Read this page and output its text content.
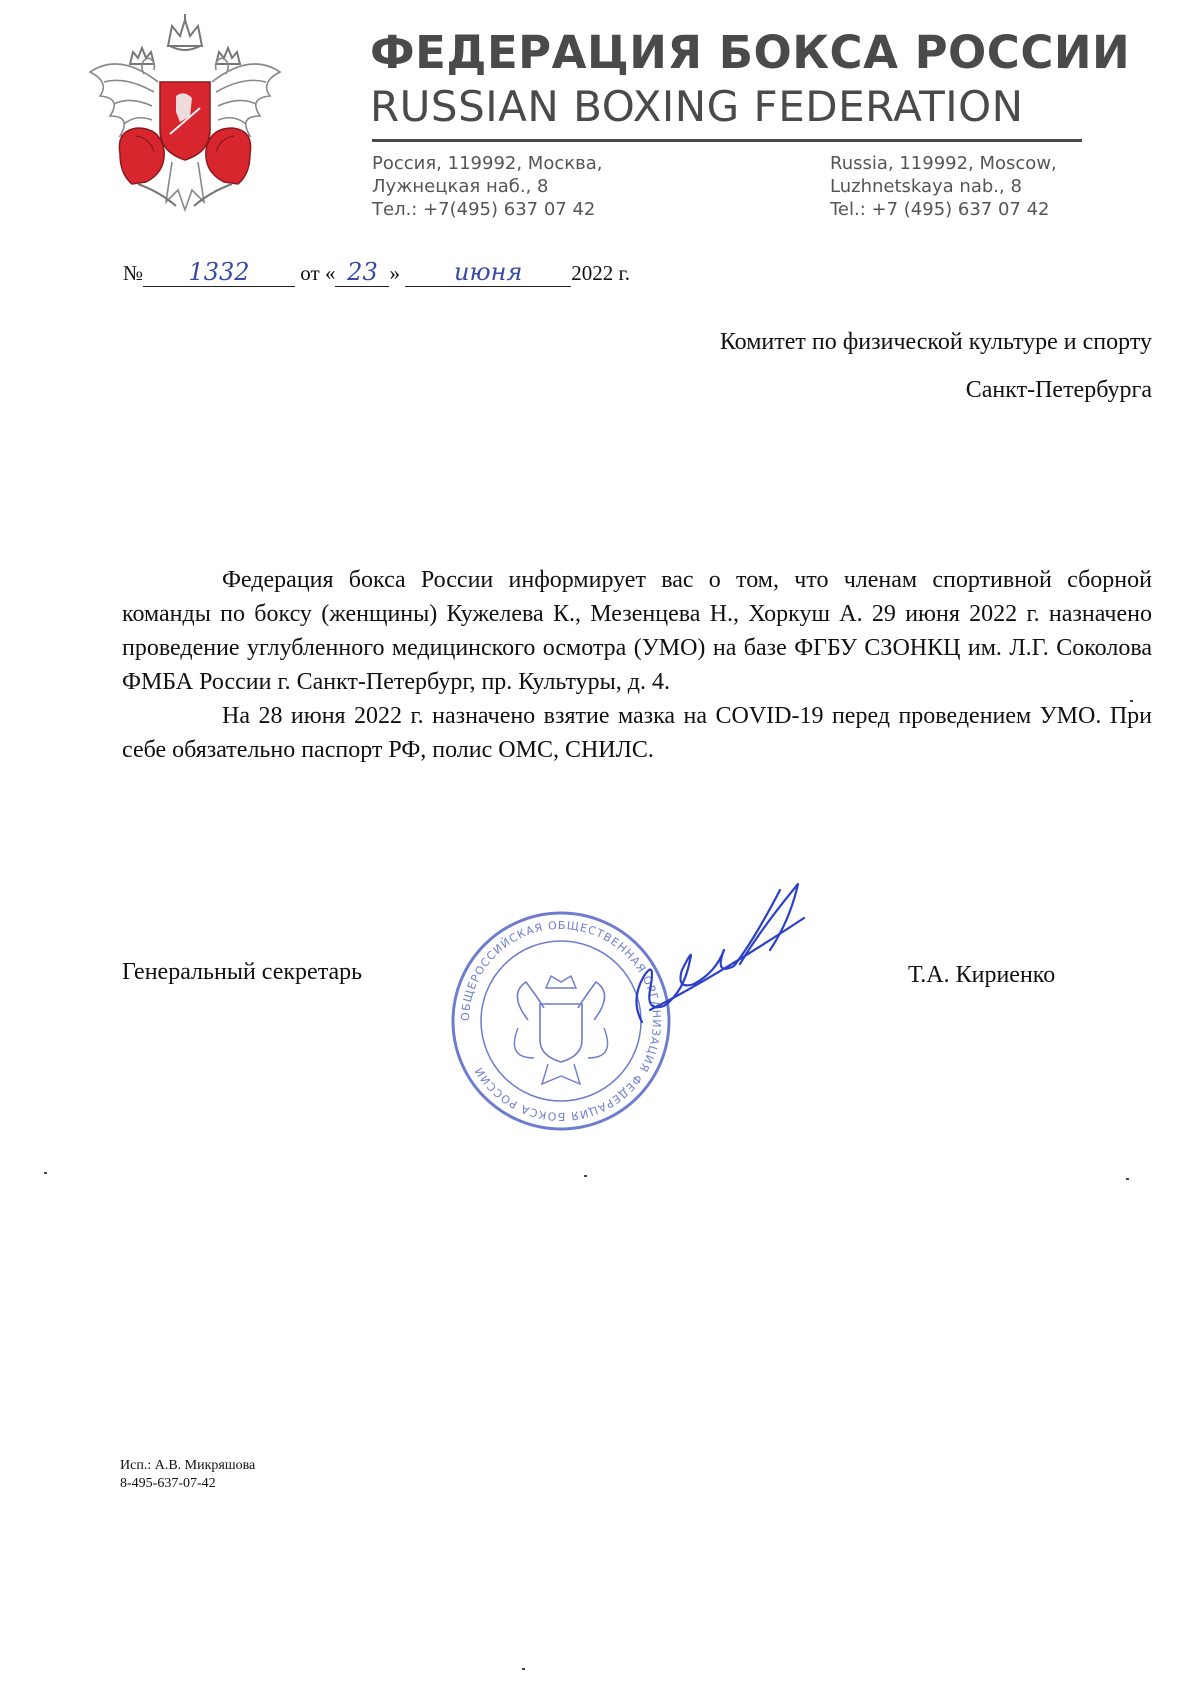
ФЕДЕРАЦИЯ БОКСА РОССИИ
RUSSIAN BOXING FEDERATION
Россия, 119992, Москва,
Лужнецкая наб., 8
Тел.: +7(495) 637 07 42
Russia, 119992, Moscow,
Luzhnetskaya nab., 8
Tel.: +7 (495) 637 07 42
№ 1332 от « 23 » июня 2022 г.
Комитет по физической культуре и спорту
Санкт-Петербурга

Федерация бокса России информирует вас о том, что членам спортивной сборной команды по боксу (женщины) Кужелева К., Мезенцева Н., Хоркуш А. 29 июня 2022 г. назначено проведение углубленного медицинского осмотра (УМО) на базе ФГБУ СЗОНКЦ им. Л.Г. Соколова ФМБА России г. Санкт-Петербург, пр. Культуры, д. 4.

На 28 июня 2022 г. назначено взятие мазка на COVID-19 перед проведением УМО. При себе обязательно паспорт РФ, полис ОМС, СНИЛС.

Генеральный секретарь
ОБЩЕРОССИЙСКАЯ ОБЩЕСТВЕННАЯ ОРГАНИЗАЦИЯ ФЕДЕРАЦИЯ БОКСА РОССИИ
Т.А. Кириенко
Исп.: А.В. Микряшова
8-495-637-07-42
